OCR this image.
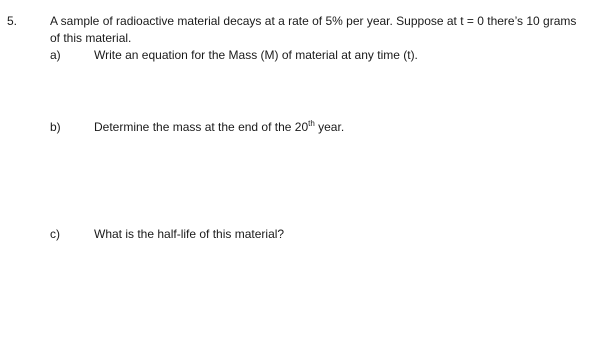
5.	A sample of radioactive material decays at a rate of 5% per year. Suppose at t = 0 there’s 10 grams of this material.
a)	Write an equation for the Mass (M) of material at any time (t).
b)	Determine the mass at the end of the 20th year.
c)	What is the half-life of this material?
